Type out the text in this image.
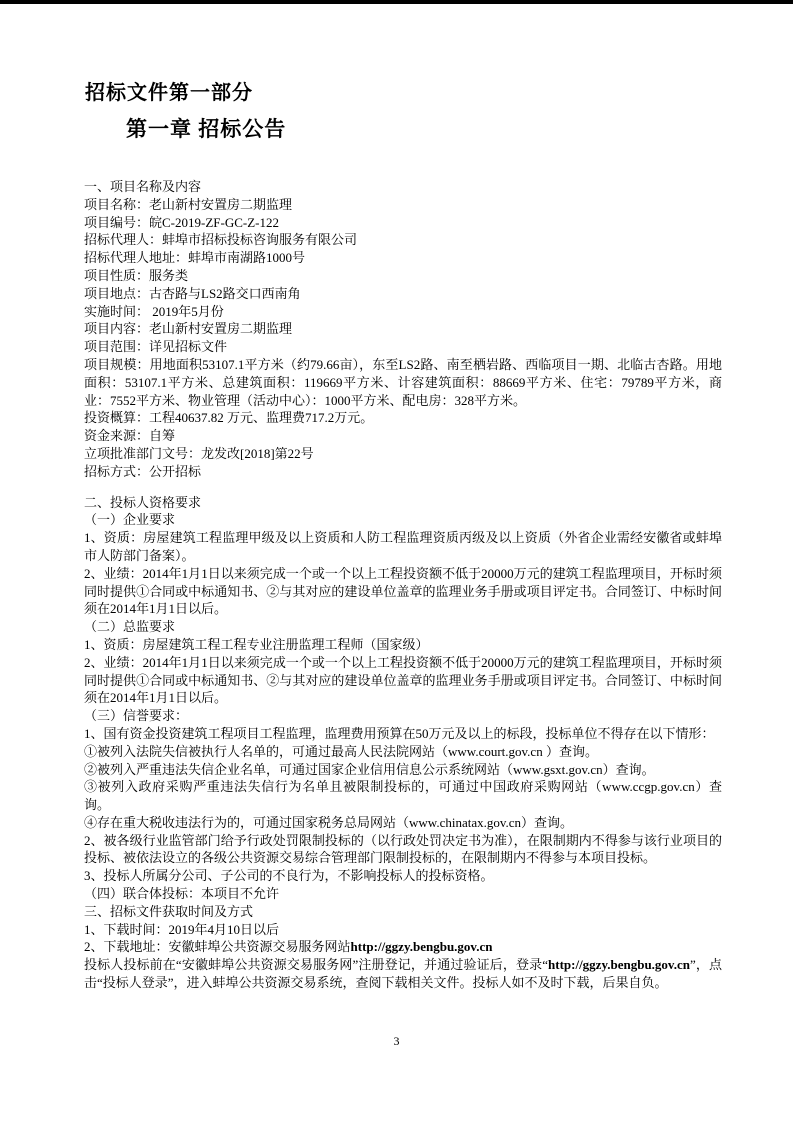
招标文件第一部分
第一章 招标公告

一、项目名称及内容

项目名称：老山新村安置房二期监理

项目编号：皖C-2019-ZF-GC-Z-122

招标代理人：蚌埠市招标投标咨询服务有限公司

招标代理人地址：蚌埠市南湖路1000号

项目性质：服务类

项目地点：古杏路与LS2路交口西南角

实施时间： 2019年5月份

项目内容：老山新村安置房二期监理

项目范围：详见招标文件

项目规模：用地面积53107.1平方米（约79.66亩），东至LS2路、南至栖岩路、西临项目一期、北临古杏路。用地面积：53107.1平方米、总建筑面积：119669平方米、计容建筑面积：88669平方米、住宅：79789平方米，商业：7552平方米、物业管理（活动中心）：1000平方米、配电房：328平方米。

投资概算：工程40637.82 万元、监理费717.2万元。

资金来源：自筹

立项批准部门文号：龙发改[2018]第22号

招标方式：公开招标

二、投标人资格要求

（一）企业要求

1、资质：房屋建筑工程监理甲级及以上资质和人防工程监理资质丙级及以上资质（外省企业需经安徽省或蚌埠市人防部门备案）。

2、业绩：2014年1月1日以来须完成一个或一个以上工程投资额不低于20000万元的建筑工程监理项目，开标时须同时提供①合同或中标通知书、②与其对应的建设单位盖章的监理业务手册或项目评定书。合同签订、中标时间须在2014年1月1日以后。

（二）总监要求

1、资质：房屋建筑工程工程专业注册监理工程师（国家级）

2、业绩：2014年1月1日以来须完成一个或一个以上工程投资额不低于20000万元的建筑工程监理项目，开标时须同时提供①合同或中标通知书、②与其对应的建设单位盖章的监理业务手册或项目评定书。合同签订、中标时间须在2014年1月1日以后。

（三）信誉要求：

1、国有资金投资建筑工程项目工程监理，监理费用预算在50万元及以上的标段，投标单位不得存在以下情形：

①被列入法院失信被执行人名单的，可通过最高人民法院网站（www.court.gov.cn ）查询。

②被列入严重违法失信企业名单，可通过国家企业信用信息公示系统网站（www.gsxt.gov.cn）查询。

③被列入政府采购严重违法失信行为名单且被限制投标的，可通过中国政府采购网站（www.ccgp.gov.cn）查询。

④存在重大税收违法行为的，可通过国家税务总局网站（www.chinatax.gov.cn）查询。

2、被各级行业监管部门给予行政处罚限制投标的（以行政处罚决定书为准），在限制期内不得参与该行业项目的投标、被依法设立的各级公共资源交易综合管理部门限制投标的，在限制期内不得参与本项目投标。

3、投标人所属分公司、子公司的不良行为，不影响投标人的投标资格。

（四）联合体投标：本项目不允许

三、招标文件获取时间及方式

1、下载时间：2019年4月10日以后

2、下载地址：安徽蚌埠公共资源交易服务网站http://ggzy.bengbu.gov.cn

投标人投标前在“安徽蚌埠公共资源交易服务网”注册登记，并通过验证后，登录“http://ggzy.bengbu.gov.cn”，点击“投标人登录”，进入蚌埠公共资源交易系统，查阅下载相关文件。投标人如不及时下载，后果自负。

3
